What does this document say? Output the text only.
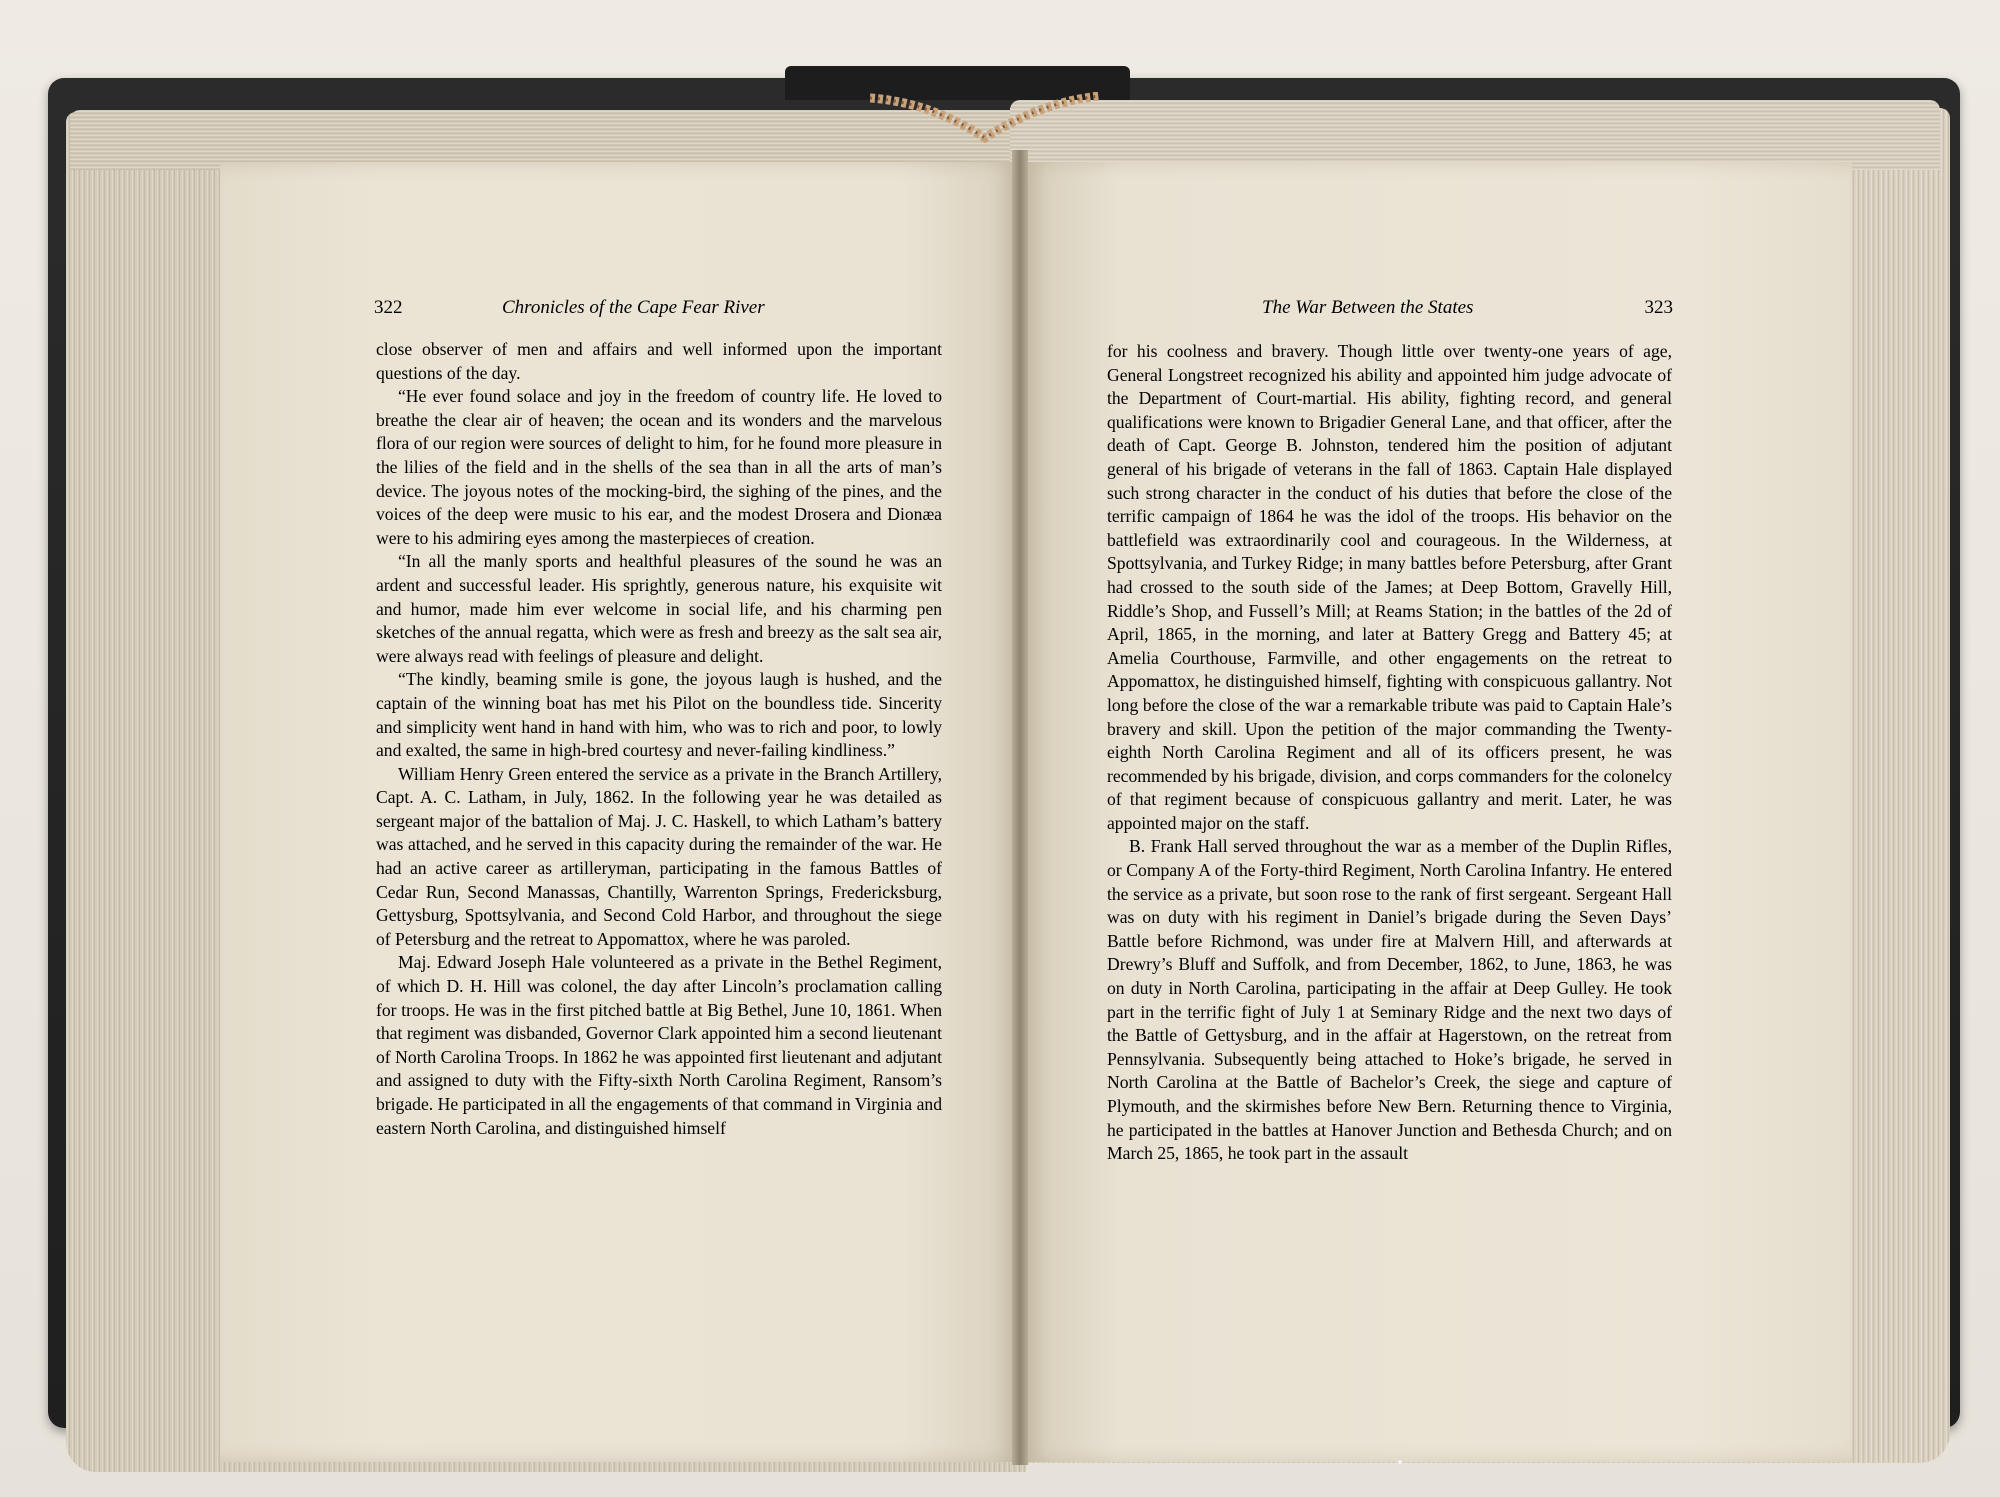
322	Chronicles of the Cape Fear River	The War Between the States	323

close observer of men and affairs and well informed upon the important questions of the day.

“He ever found solace and joy in the freedom of country life. He loved to breathe the clear air of heaven; the ocean and its wonders and the marvelous flora of our region were sources of delight to him, for he found more pleasure in the lilies of the field and in the shells of the sea than in all the arts of man’s device. The joyous notes of the mocking-bird, the sighing of the pines, and the voices of the deep were music to his ear, and the modest Drosera and Dionæa were to his admiring eyes among the masterpieces of creation.

“In all the manly sports and healthful pleasures of the sound he was an ardent and successful leader. His sprightly, generous nature, his exquisite wit and humor, made him ever welcome in social life, and his charming pen sketches of the annual regatta, which were as fresh and breezy as the salt sea air, were always read with feelings of pleasure and delight.

“The kindly, beaming smile is gone, the joyous laugh is hushed, and the captain of the winning boat has met his Pilot on the boundless tide. Sincerity and simplicity went hand in hand with him, who was to rich and poor, to lowly and exalted, the same in high-bred courtesy and never-failing kindliness.”

William Henry Green entered the service as a private in the Branch Artillery, Capt. A. C. Latham, in July, 1862. In the following year he was detailed as sergeant major of the battalion of Maj. J. C. Haskell, to which Latham’s battery was attached, and he served in this capacity during the remainder of the war. He had an active career as artilleryman, participating in the famous Battles of Cedar Run, Second Manassas, Chantilly, Warrenton Springs, Fredericksburg, Gettysburg, Spottsylvania, and Second Cold Harbor, and throughout the siege of Petersburg and the retreat to Appomattox, where he was paroled.

Maj. Edward Joseph Hale volunteered as a private in the Bethel Regiment, of which D. H. Hill was colonel, the day after Lincoln’s proclamation calling for troops. He was in the first pitched battle at Big Bethel, June 10, 1861. When that regiment was disbanded, Governor Clark appointed him a second lieutenant of North Carolina Troops. In 1862 he was appointed first lieutenant and adjutant and assigned to duty with the Fifty-sixth North Carolina Regiment, Ransom’s brigade. He participated in all the engagements of that command in Virginia and eastern North Carolina, and distinguished himself

for his coolness and bravery. Though little over twenty-one years of age, General Longstreet recognized his ability and appointed him judge advocate of the Department of Court-martial. His ability, fighting record, and general qualifications were known to Brigadier General Lane, and that officer, after the death of Capt. George B. Johnston, tendered him the position of adjutant general of his brigade of veterans in the fall of 1863. Captain Hale displayed such strong character in the conduct of his duties that before the close of the terrific campaign of 1864 he was the idol of the troops. His behavior on the battlefield was extraordinarily cool and courageous. In the Wilderness, at Spottsylvania, and Turkey Ridge; in many battles before Petersburg, after Grant had crossed to the south side of the James; at Deep Bottom, Gravelly Hill, Riddle’s Shop, and Fussell’s Mill; at Reams Station; in the battles of the 2d of April, 1865, in the morning, and later at Battery Gregg and Battery 45; at Amelia Courthouse, Farmville, and other engagements on the retreat to Appomattox, he distinguished himself, fighting with conspicuous gallantry. Not long before the close of the war a remarkable tribute was paid to Captain Hale’s bravery and skill. Upon the petition of the major commanding the Twenty-eighth North Carolina Regiment and all of its officers present, he was recommended by his brigade, division, and corps commanders for the colonelcy of that regiment because of conspicuous gallantry and merit. Later, he was appointed major on the staff.

B. Frank Hall served throughout the war as a member of the Duplin Rifles, or Company A of the Forty-third Regiment, North Carolina Infantry. He entered the service as a private, but soon rose to the rank of first sergeant. Sergeant Hall was on duty with his regiment in Daniel’s brigade during the Seven Days’ Battle before Richmond, was under fire at Malvern Hill, and afterwards at Drewry’s Bluff and Suffolk, and from December, 1862, to June, 1863, he was on duty in North Carolina, participating in the affair at Deep Gulley. He took part in the terrific fight of July 1 at Seminary Ridge and the next two days of the Battle of Gettysburg, and in the affair at Hagerstown, on the retreat from Pennsylvania. Subsequently being attached to Hoke’s brigade, he served in North Carolina at the Battle of Bachelor’s Creek, the siege and capture of Plymouth, and the skirmishes before New Bern. Returning thence to Virginia, he participated in the battles at Hanover Junction and Bethesda Church; and on March 25, 1865, he took part in the assault
